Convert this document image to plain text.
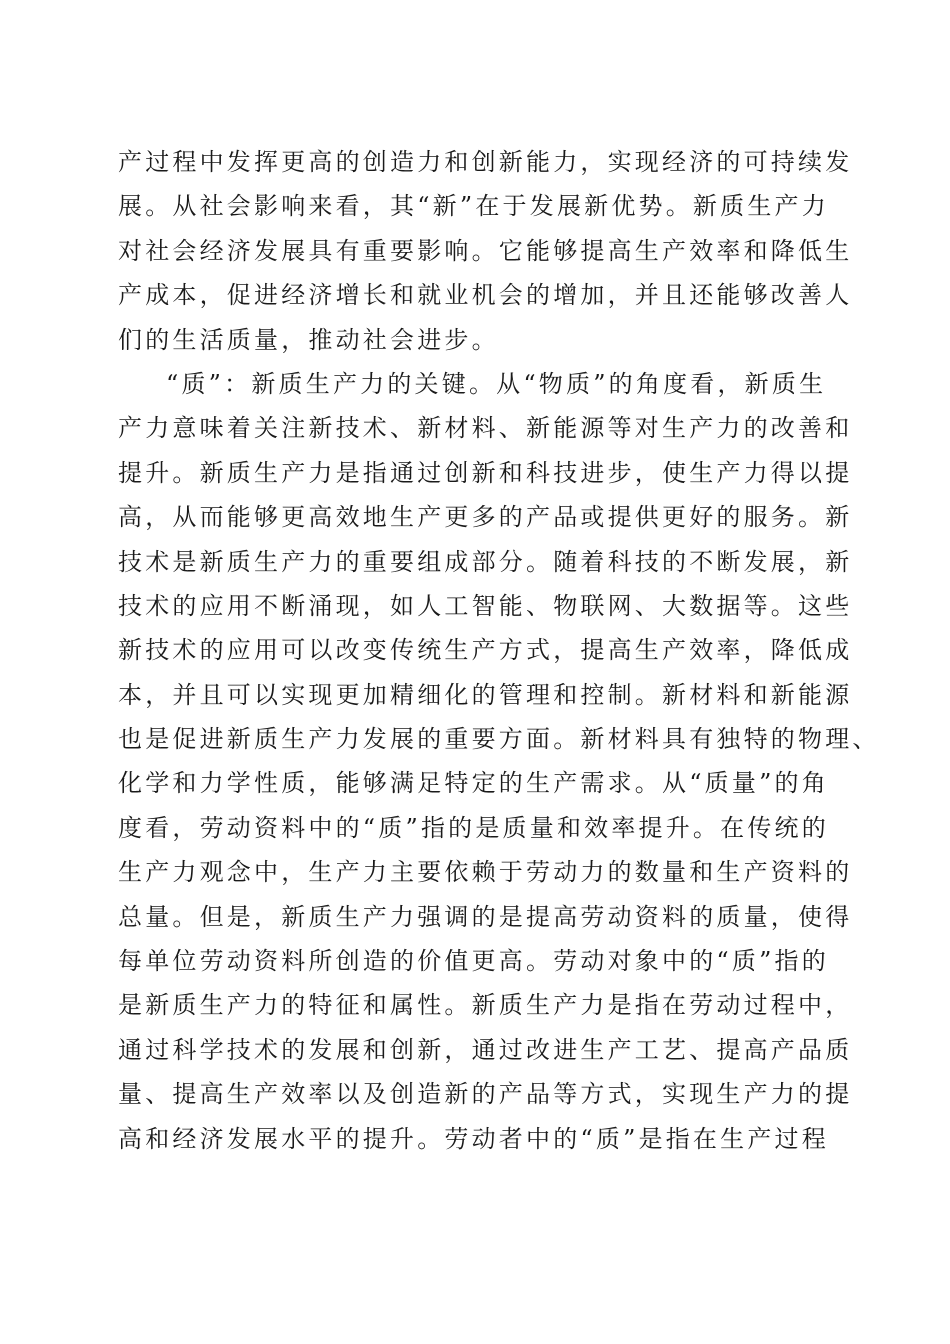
产过程中发挥更高的创造力和创新能力，实现经济的可持续发
展。从社会影响来看，其“新”在于发展新优势。新质生产力
对社会经济发展具有重要影响。它能够提高生产效率和降低生
产成本，促进经济增长和就业机会的增加，并且还能够改善人
们的生活质量，推动社会进步。
“质”：新质生产力的关键。从“物质”的角度看，新质生
产力意味着关注新技术、新材料、新能源等对生产力的改善和
提升。新质生产力是指通过创新和科技进步，使生产力得以提
高，从而能够更高效地生产更多的产品或提供更好的服务。新
技术是新质生产力的重要组成部分。随着科技的不断发展，新
技术的应用不断涌现，如人工智能、物联网、大数据等。这些
新技术的应用可以改变传统生产方式，提高生产效率，降低成
本，并且可以实现更加精细化的管理和控制。新材料和新能源
也是促进新质生产力发展的重要方面。新材料具有独特的物理、
化学和力学性质，能够满足特定的生产需求。从“质量”的角
度看，劳动资料中的“质”指的是质量和效率提升。在传统的
生产力观念中，生产力主要依赖于劳动力的数量和生产资料的
总量。但是，新质生产力强调的是提高劳动资料的质量，使得
每单位劳动资料所创造的价值更高。劳动对象中的“质”指的
是新质生产力的特征和属性。新质生产力是指在劳动过程中，
通过科学技术的发展和创新，通过改进生产工艺、提高产品质
量、提高生产效率以及创造新的产品等方式，实现生产力的提
高和经济发展水平的提升。劳动者中的“质”是指在生产过程
